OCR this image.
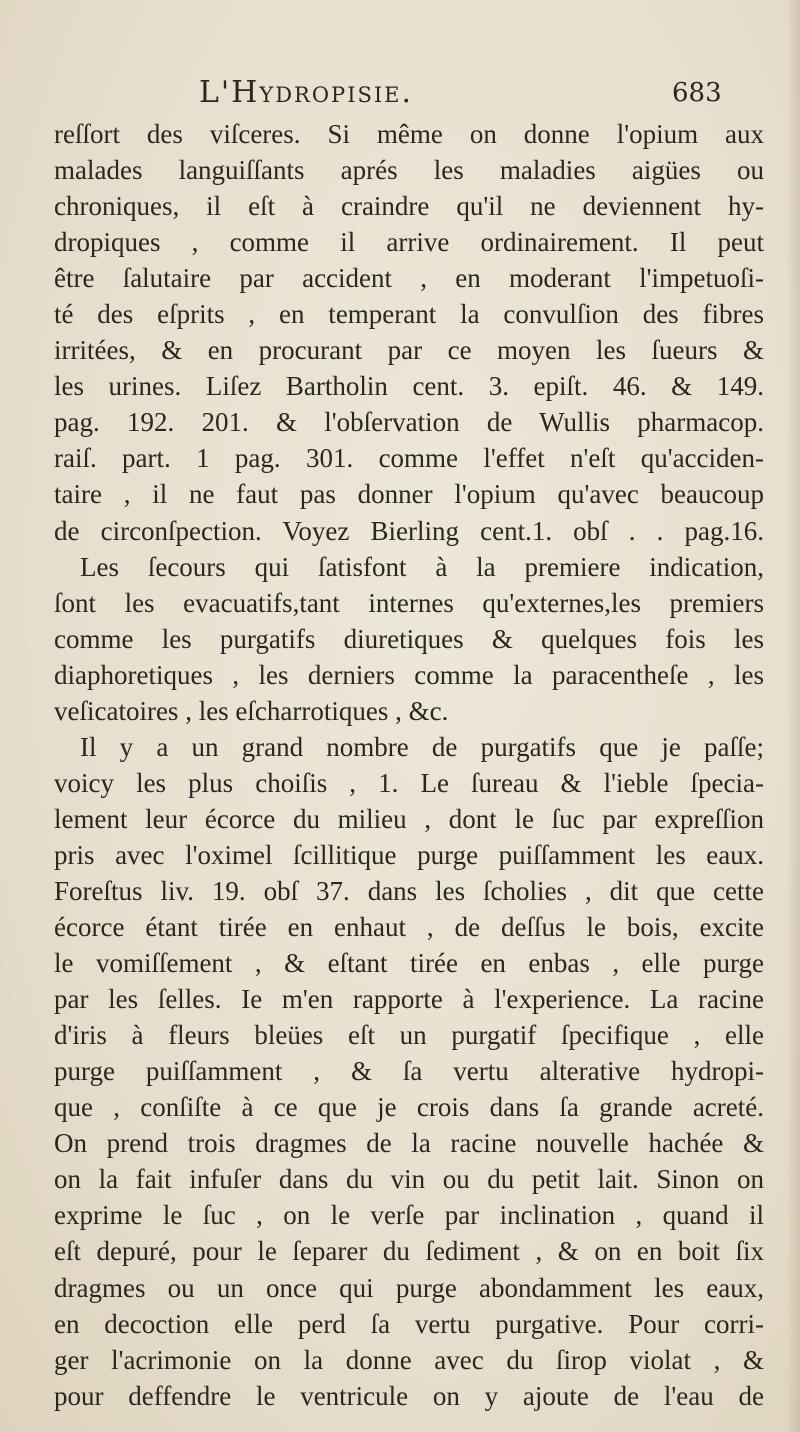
L'Hydropisie.	683
reſſort des viſceres. Si même on donne l'opium aux
malades languiſſants aprés les maladies aigües ou
chroniques, il eſt à craindre qu'il ne deviennent hy-
dropiques , comme il arrive ordinairement. Il peut
être ſalutaire par accident , en moderant l'impetuoſi-
té des eſprits , en temperant la convulſion des fibres
irritées, & en procurant par ce moyen les ſueurs &
les urines. Liſez Bartholin cent. 3. epiſt. 46. & 149.
pag. 192. 201. & l'obſervation de Wullis pharmacop.
raiſ. part. 1 pag. 301. comme l'effet n'eſt qu'acciden-
taire , il ne faut pas donner l'opium qu'avec beaucoup
de circonſpection. Voyez Bierling cent.1. obſ . . pag.16.
Les ſecours qui ſatisfont à la premiere indication,
ſont les evacuatifs,tant internes qu'externes,les premiers
comme les purgatifs diuretiques & quelques fois les
diaphoretiques , les derniers comme la paracentheſe , les
veſicatoires , les eſcharrotiques , &c.
Il y a un grand nombre de purgatifs que je paſſe;
voicy les plus choiſis , 1. Le ſureau & l'ieble ſpecia-
lement leur écorce du milieu , dont le ſuc par expreſſion
pris avec l'oximel ſcillitique purge puiſſamment les eaux.
Foreſtus liv. 19. obſ 37. dans les ſcholies , dit que cette
écorce étant tirée en enhaut , de deſſus le bois, excite
le vomiſſement , & eſtant tirée en enbas , elle purge
par les ſelles. Ie m'en rapporte à l'experience. La racine
d'iris à fleurs bleües eſt un purgatif ſpecifique , elle
purge puiſſamment , & ſa vertu alterative hydropi-
que , conſiſte à ce que je crois dans ſa grande acreté.
On prend trois dragmes de la racine nouvelle hachée &
on la fait infuſer dans du vin ou du petit lait. Sinon on
exprime le ſuc , on le verſe par inclination , quand il
eſt depuré, pour le ſeparer du ſediment , & on en boit ſix
dragmes ou un once qui purge abondamment les eaux,
en decoction elle perd ſa vertu purgative. Pour corri-
ger l'acrimonie on la donne avec du ſirop violat , &
pour deffendre le ventricule on y ajoute de l'eau de
